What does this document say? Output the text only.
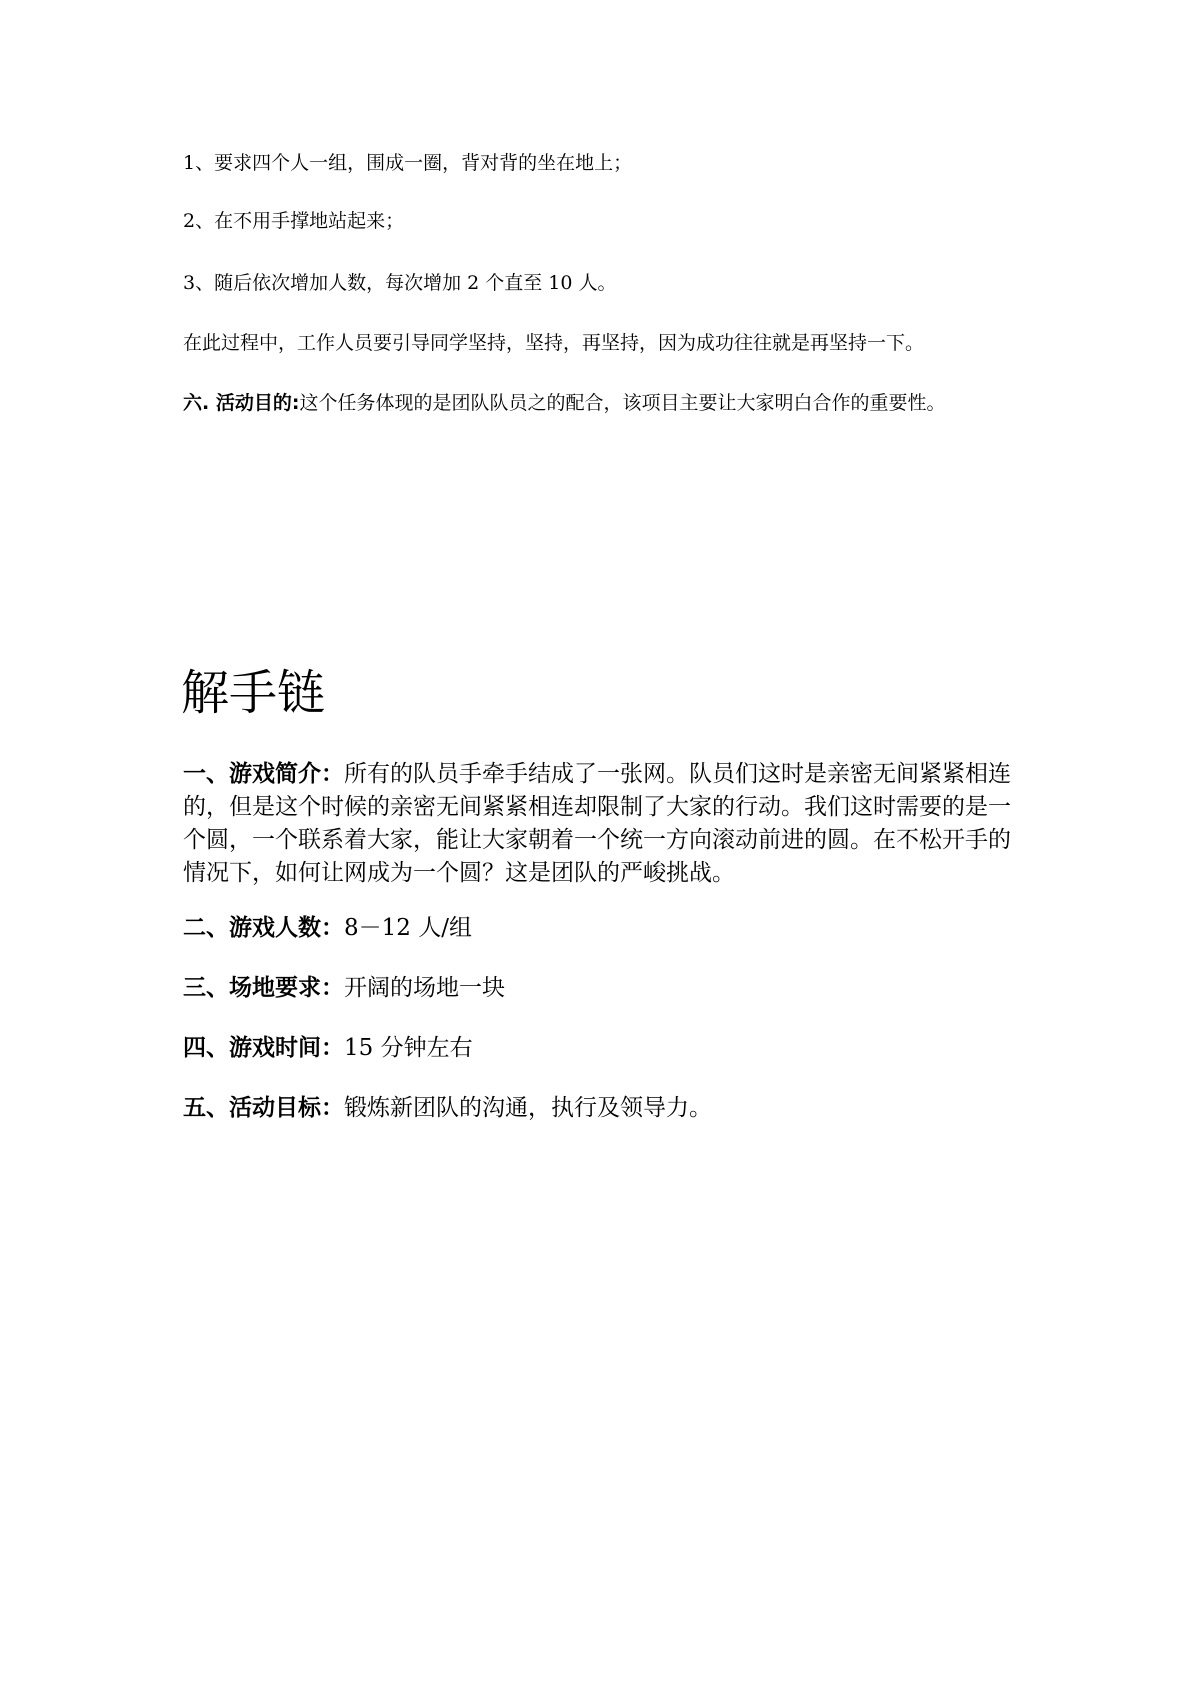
1、要求四个人一组，围成一圈，背对背的坐在地上；
2、在不用手撑地站起来；
3、随后依次增加人数，每次增加 2 个直至 10 人。
在此过程中，工作人员要引导同学坚持，坚持，再坚持，因为成功往往就是再坚持一下。
六. 活动目的:这个任务体现的是团队队员之的配合，该项目主要让大家明白合作的重要性。
解手链
一、游戏简介：所有的队员手牵手结成了一张网。队员们这时是亲密无间紧紧相连的，但是这个时候的亲密无间紧紧相连却限制了大家的行动。我们这时需要的是一个圆，一个联系着大家，能让大家朝着一个统一方向滚动前进的圆。在不松开手的情况下，如何让网成为一个圆？这是团队的严峻挑战。
二、游戏人数：8－12 人/组
三、场地要求：开阔的场地一块
四、游戏时间：15 分钟左右
五、活动目标：锻炼新团队的沟通，执行及领导力。
